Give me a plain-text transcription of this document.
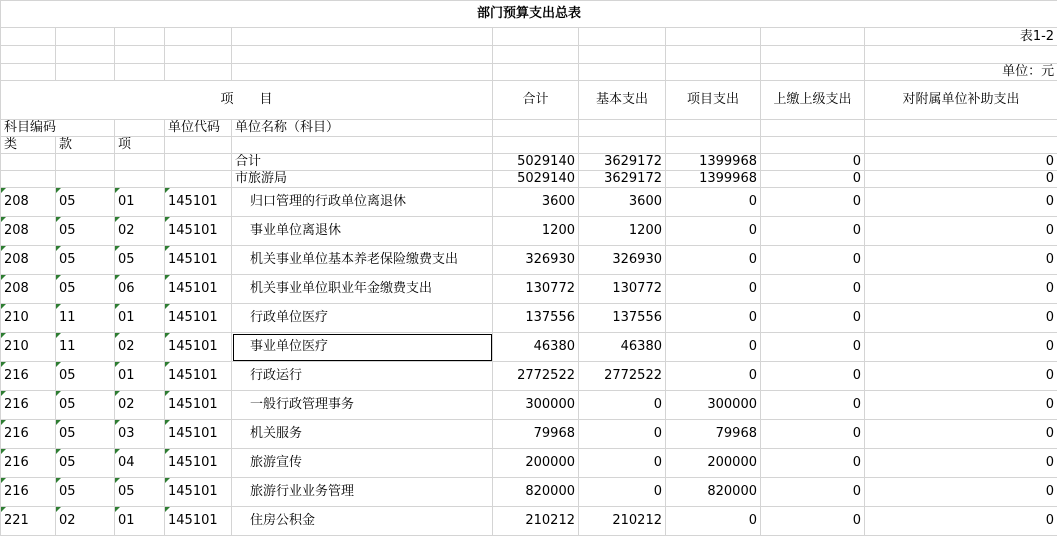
部门预算支出总表									
									表1-2

									单位：元
项　　目					合计	基本支出	项目支出	上缴上级支出	对附属单位补助支出
科目编码			单位代码	单位名称（科目）					
类	款	项							
				合计	5029140	3629172	1399968	0	0
				市旅游局	5029140	3629172	1399968	0	0
208	05	01	145101	归口管理的行政单位离退休	3600	3600	0	0	0
208	05	02	145101	事业单位离退休	1200	1200	0	0	0
208	05	05	145101	机关事业单位基本养老保险缴费支出	326930	326930	0	0	0
208	05	06	145101	机关事业单位职业年金缴费支出	130772	130772	0	0	0
210	11	01	145101	行政单位医疗	137556	137556	0	0	0
210	11	02	145101	事业单位医疗	46380	46380	0	0	0
216	05	01	145101	行政运行	2772522	2772522	0	0	0
216	05	02	145101	一般行政管理事务	300000	0	300000	0	0
216	05	03	145101	机关服务	79968	0	79968	0	0
216	05	04	145101	旅游宣传	200000	0	200000	0	0
216	05	05	145101	旅游行业业务管理	820000	0	820000	0	0
221	02	01	145101	住房公积金	210212	210212	0	0	0
